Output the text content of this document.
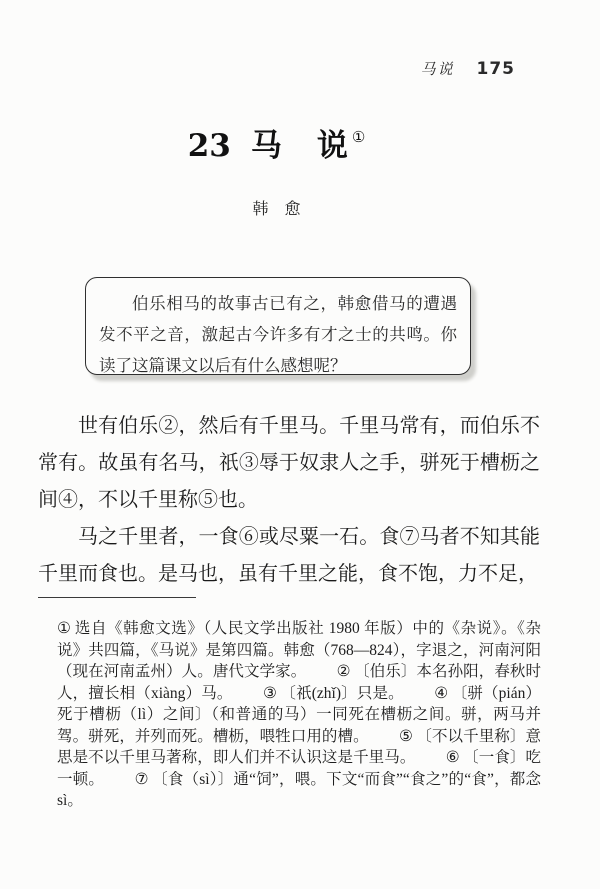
马说 175
23 马　说 ①
韩　愈

伯乐相马的故事古已有之，韩愈借马的遭遇发不平之音，激起古今许多有才之士的共鸣。你读了这篇课文以后有什么感想呢？

世有伯乐②，然后有千里马。千里马常有，而伯乐不常有。故虽有名马，祇③辱于奴隶人之手，骈死于槽枥之间④，不以千里称⑤也。

马之千里者，一食⑥或尽粟一石。食⑦马者不知其能千里而食也。是马也，虽有千里之能，食不饱，力不足，

① 选自《韩愈文选》（人民文学出版社 1980 年版）中的《杂说》。《杂说》共四篇，《马说》是第四篇。韩愈（768—824），字退之，河南河阳（现在河南孟州）人。唐代文学家。 ② 〔伯乐〕本名孙阳，春秋时人，擅长相（xiàng）马。 ③ 〔祇(zhǐ)〕只是。 ④ 〔骈（pián）死于槽枥（lì）之间〕（和普通的马）一同死在槽枥之间。骈，两马并驾。骈死，并列而死。槽枥，喂牲口用的槽。 ⑤ 〔不以千里称〕意思是不以千里马著称，即人们并不认识这是千里马。 ⑥ 〔一食〕吃一顿。 ⑦ 〔食（sì）〕通“饲”，喂。下文“而食”“食之”的“食”，都念 sì。
